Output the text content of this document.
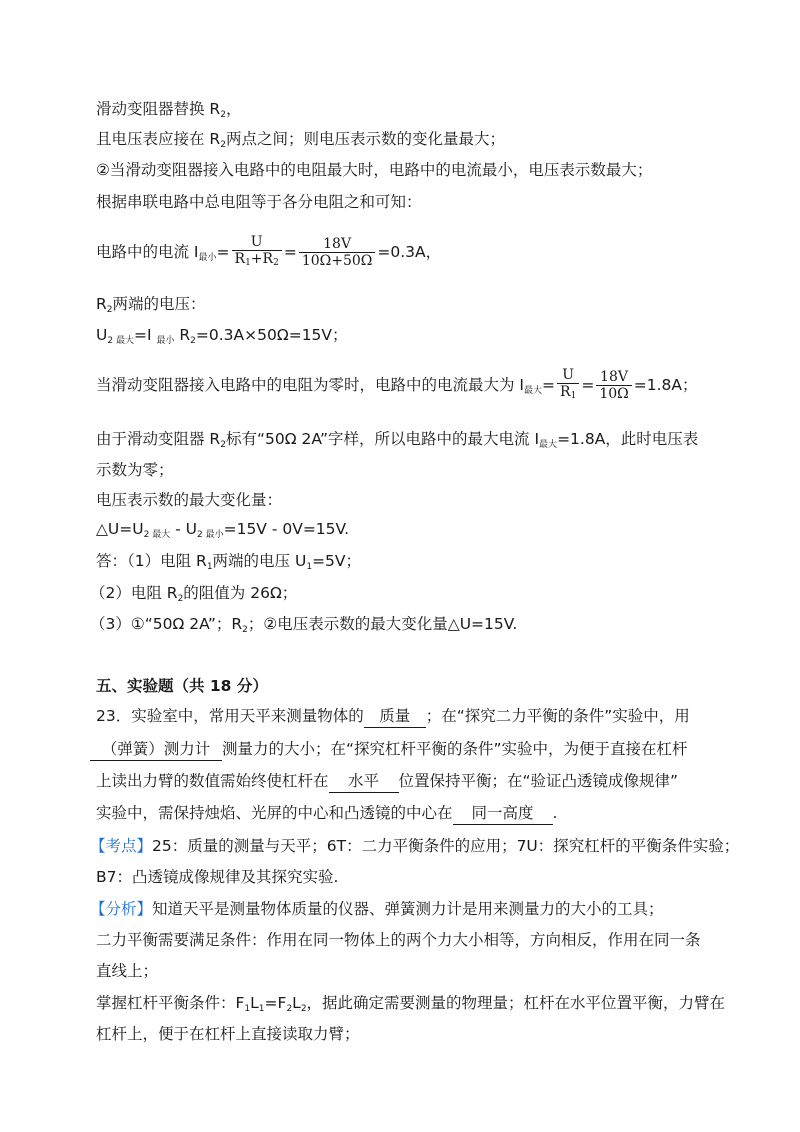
滑动变阻器替换 $R_2$，
且电压表应接在 $R_2$两点之间；则电压表示数的变化量最大；
②当滑动变阻器接入电路中的电阻最大时，电路中的电流最小，电压表示数最大；
根据串联电路中总电阻等于各分电阻之和可知：
电路中的电流 I最小= $\frac{U}{R1+R2} = \frac{18V}{10\Omega+50\Omega} =0.3A$，
$R_2$两端的电压：
U2 最大=I 最小 $R_2=0.3A\times 50\Omega=15V$；
当滑动变阻器接入电路中的电阻为零时，电路中的电流最大为 I最大= $\frac{U}{R1} = \frac{18V}{10\Omega} =1.8A$；
由于滑动变阻器 $R_2$标有“50Ω 2A”字样，所以电路中的最大电流 I最大=1.8A，此时电压表
示数为零；
电压表示数的最大变化量：
△U=U2 最大 - U2 最小=15V - 0V=15V.
答：（1）电阻 $R_1$两端的电压 $U_1=5V$；
（2）电阻 $R_2$的阻值为 26Ω；
（3）①“50Ω 2A”；$R_2$；②电压表示数的最大变化量△U=15V.
五、实验题（共 18 分）
23．实验室中，常用天平来测量物体的 质量 ；在“探究二力平衡的条件”实验中，用
（弹簧）测力计 测量力的大小；在“探究杠杆平衡的条件”实验中，为便于直接在杠杆
上读出力臂的数值需始终使杠杆在 水平 位置保持平衡；在“验证凸透镜成像规律”
实验中，需保持烛焰、光屏的中心和凸透镜的中心在 同一高度 .
【考点】25：质量的测量与天平；6T：二力平衡条件的应用；7U：探究杠杆的平衡条件实验；
B7：凸透镜成像规律及其探究实验.
【分析】知道天平是测量物体质量的仪器、弹簧测力计是用来测量力的大小的工具；
二力平衡需要满足条件：作用在同一物体上的两个力大小相等，方向相反，作用在同一条
直线上；
掌握杠杆平衡条件：$F_1L_1=F_2L_2$，据此确定需要测量的物理量；杠杆在水平位置平衡，力臂在
杠杆上，便于在杠杆上直接读取力臂；
